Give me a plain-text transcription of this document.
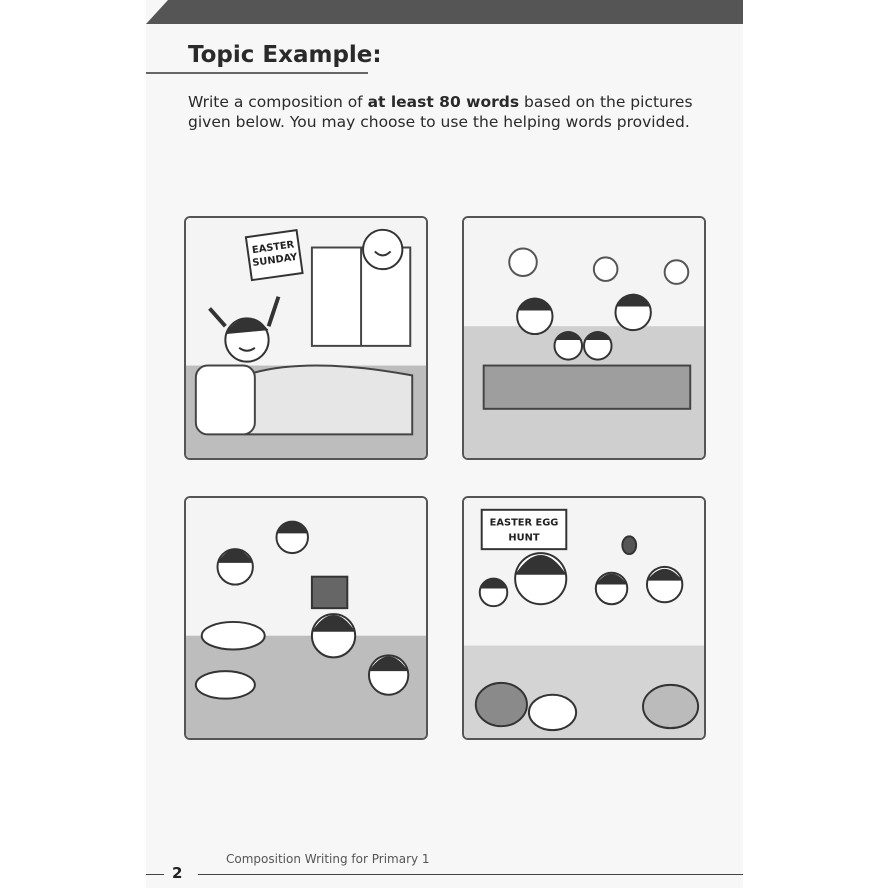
Topic Example:
Write a composition of at least 80 words based on the pictures given below. You may choose to use the helping words provided.
EASTER
SUNDAY
EASTER EGG
HUNT
2
Composition Writing for Primary 1
